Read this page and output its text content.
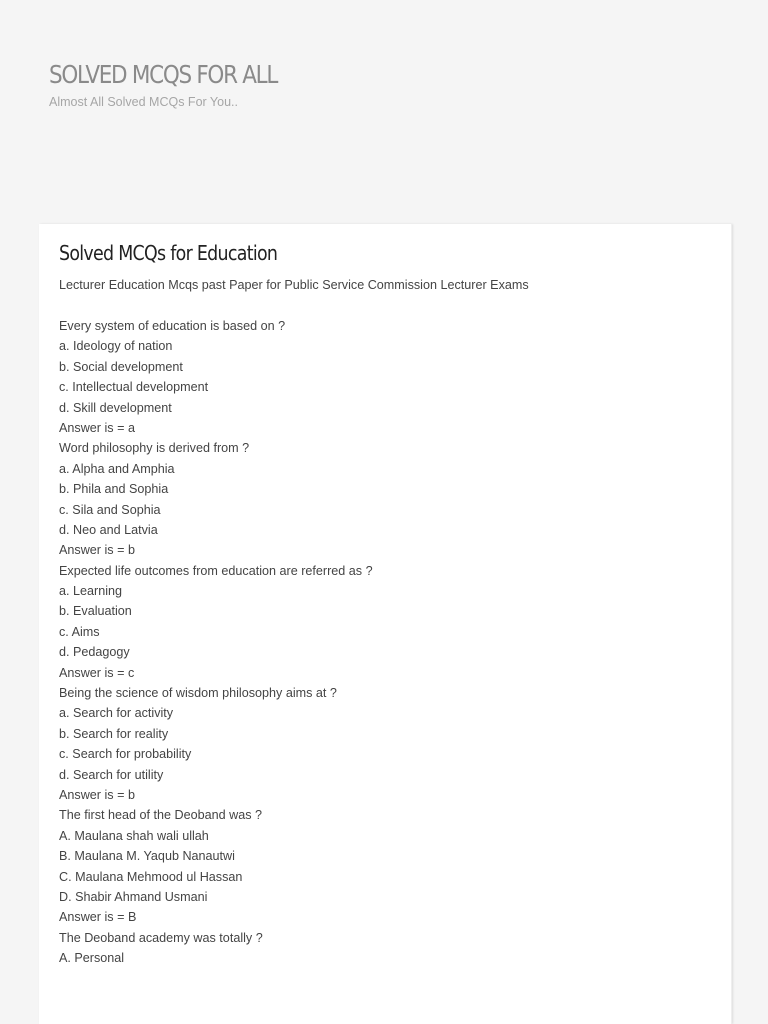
SOLVED MCQS FOR ALL

Almost All Solved MCQs For You..

Solved MCQs for Education

Lecturer Education Mcqs past Paper for Public Service Commission Lecturer Exams

Every system of education is based on ?
a. Ideology of nation
b. Social development
c. Intellectual development
d. Skill development
Answer is = a
Word philosophy is derived from ?
a. Alpha and Amphia
b. Phila and Sophia
c. Sila and Sophia
d. Neo and Latvia
Answer is = b
Expected life outcomes from education are referred as ?
a. Learning
b. Evaluation
c. Aims
d. Pedagogy
Answer is = c
Being the science of wisdom philosophy aims at ?
a. Search for activity
b. Search for reality
c. Search for probability
d. Search for utility
Answer is = b
The first head of the Deoband was ?
A. Maulana shah wali ullah
B. Maulana M. Yaqub Nanautwi
C. Maulana Mehmood ul Hassan
D. Shabir Ahmand Usmani
Answer is = B
The Deoband academy was totally ?
A. Personal
